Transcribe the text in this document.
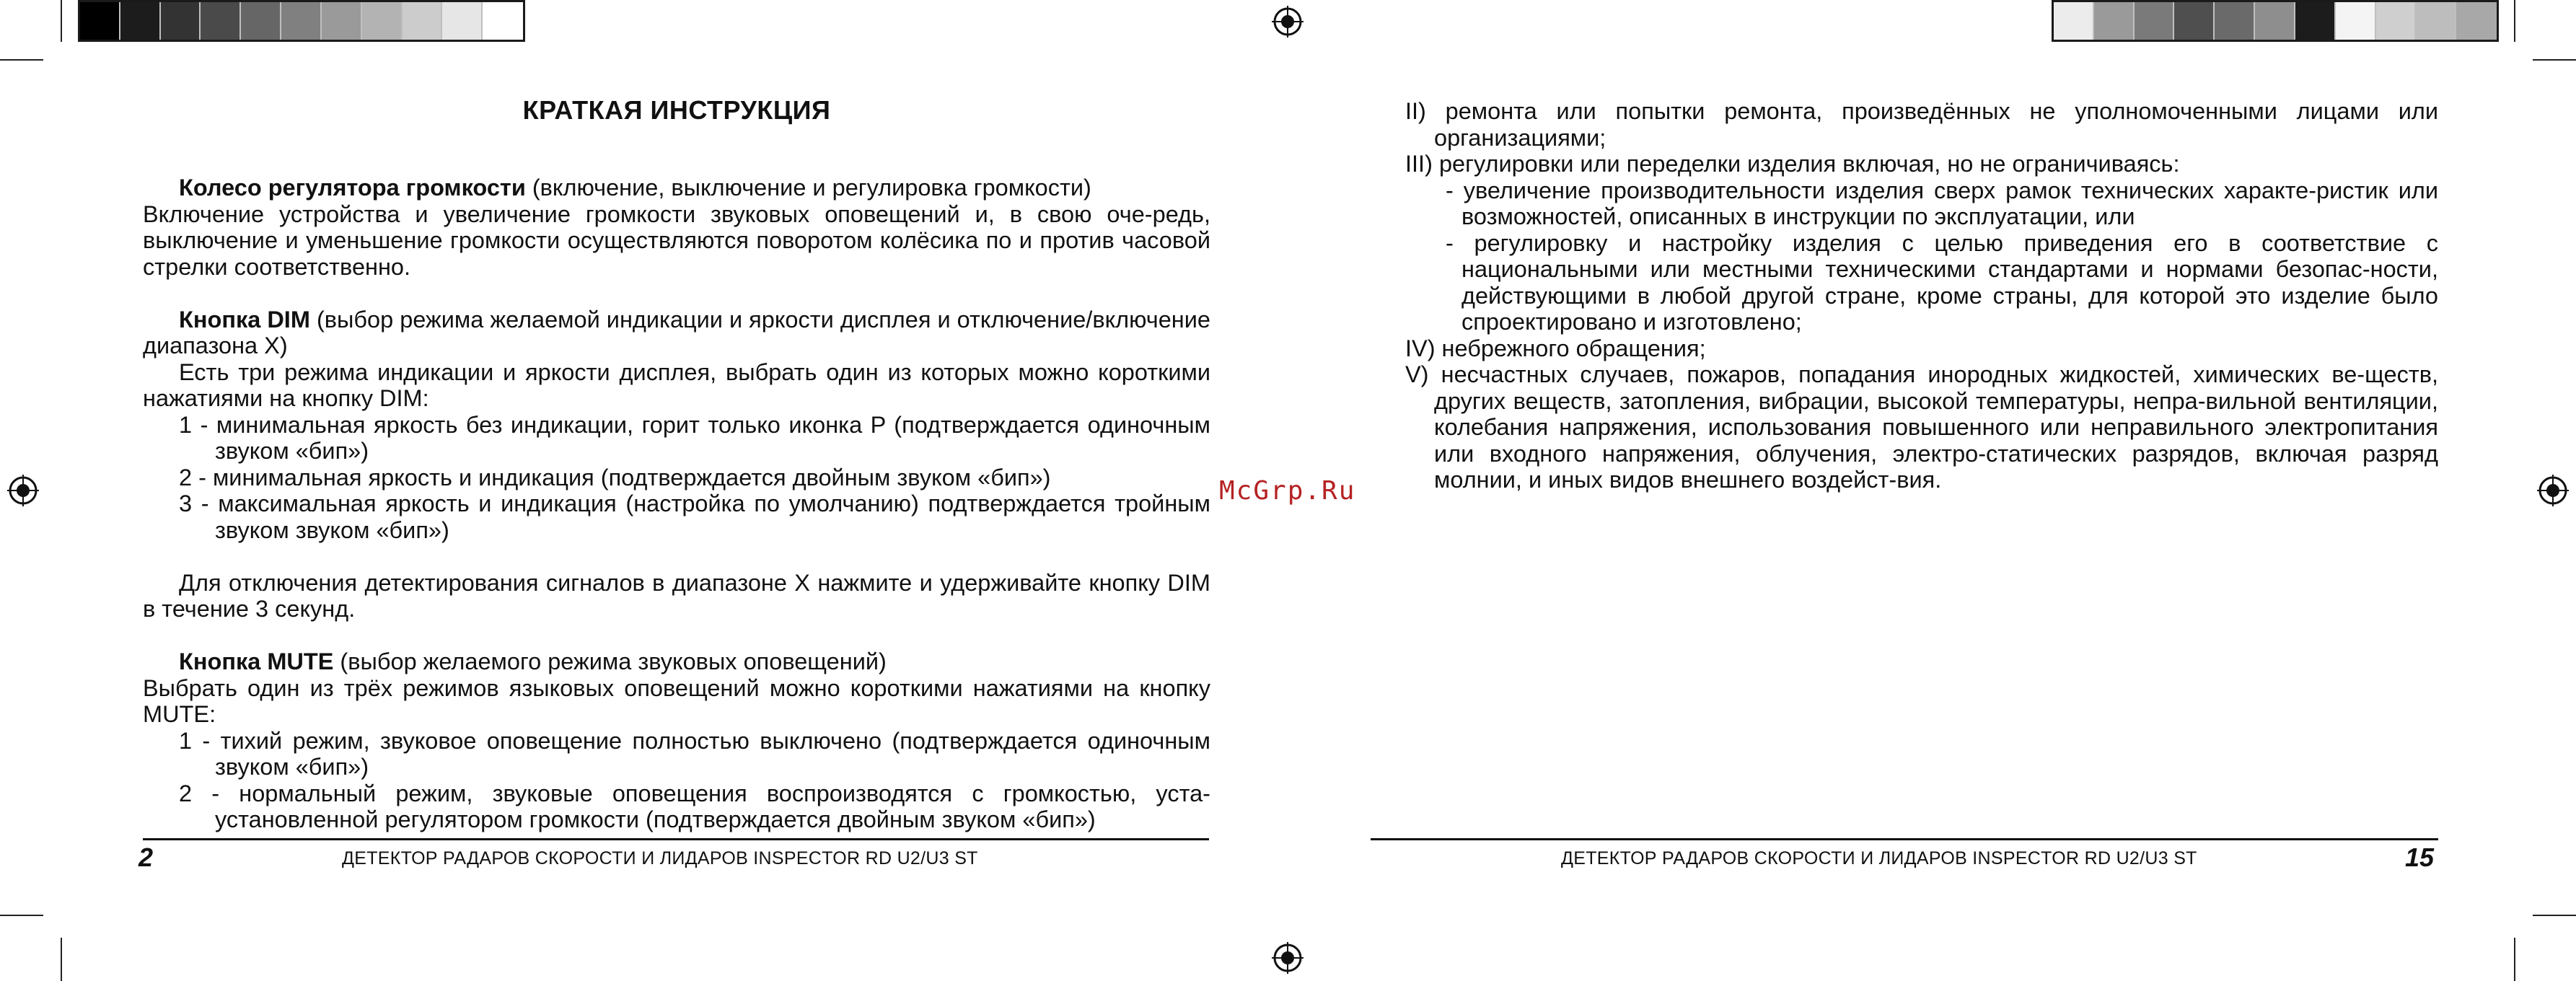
КРАТКАЯ ИНСТРУКЦИЯ

Колесо регулятора громкости (включение, выключение и регулировка громкости)

Включение устройства и увеличение громкости звуковых оповещений и, в свою оче-редь, выключение и уменьшение громкости осуществляются поворотом колёсика по и против часовой стрелки соответственно.

Кнопка DIM (выбор режима желаемой индикации и яркости дисплея и отключение/включение диапазона X)

Есть три режима индикации и яркости дисплея, выбрать один из которых можно короткими нажатиями на кнопку DIM:

1 - минимальная яркость без индикации, горит только иконка P (подтверждается одиночным звуком «бип»)

2 - минимальная яркость и индикация (подтверждается двойным звуком «бип»)

3 - максимальная яркость и индикация (настройка по умолчанию) подтверждается тройным звуком звуком «бип»)

Для отключения детектирования сигналов в диапазоне X нажмите и удерживайте кнопку DIM в течение 3 секунд.

Кнопка MUTE (выбор желаемого режима звуковых оповещений)

Выбрать один из трёх режимов языковых оповещений можно короткими нажатиями на кнопку MUTE:

1 - тихий режим, звуковое оповещение полностью выключено (подтверждается одиночным звуком «бип»)

2 - нормальный режим, звуковые оповещения воспроизводятся с громкостью, уста-установленной регулятором громкости (подтверждается двойным звуком «бип»)

2	ДЕТЕКТОР РАДАРОВ СКОРОСТИ И ЛИДАРОВ INSPECTOR RD U2/U3 ST
McGrp.Ru

II) ремонта или попытки ремонта, произведённых не уполномоченными лицами или организациями;

III) регулировки или переделки изделия включая, но не ограничиваясь:

- увеличение производительности изделия сверх рамок технических характе-ристик или возможностей, описанных в инструкции по эксплуатации, или

- регулировку и настройку изделия с целью приведения его в соответствие с национальными или местными техническими стандартами и нормами безопас-ности, действующими в любой другой стране, кроме страны, для которой это изделие было спроектировано и изготовлено;

IV) небрежного обращения;

V) несчастных случаев, пожаров, попадания инородных жидкостей, химических ве-ществ, других веществ, затопления, вибрации, высокой температуры, непра-вильной вентиляции, колебания напряжения, использования повышенного или неправильного электропитания или входного напряжения, облучения, электро-статических разрядов, включая разряд молнии, и иных видов внешнего воздейст-вия.

ДЕТЕКТОР РАДАРОВ СКОРОСТИ И ЛИДАРОВ INSPECTOR RD U2/U3 ST	15
